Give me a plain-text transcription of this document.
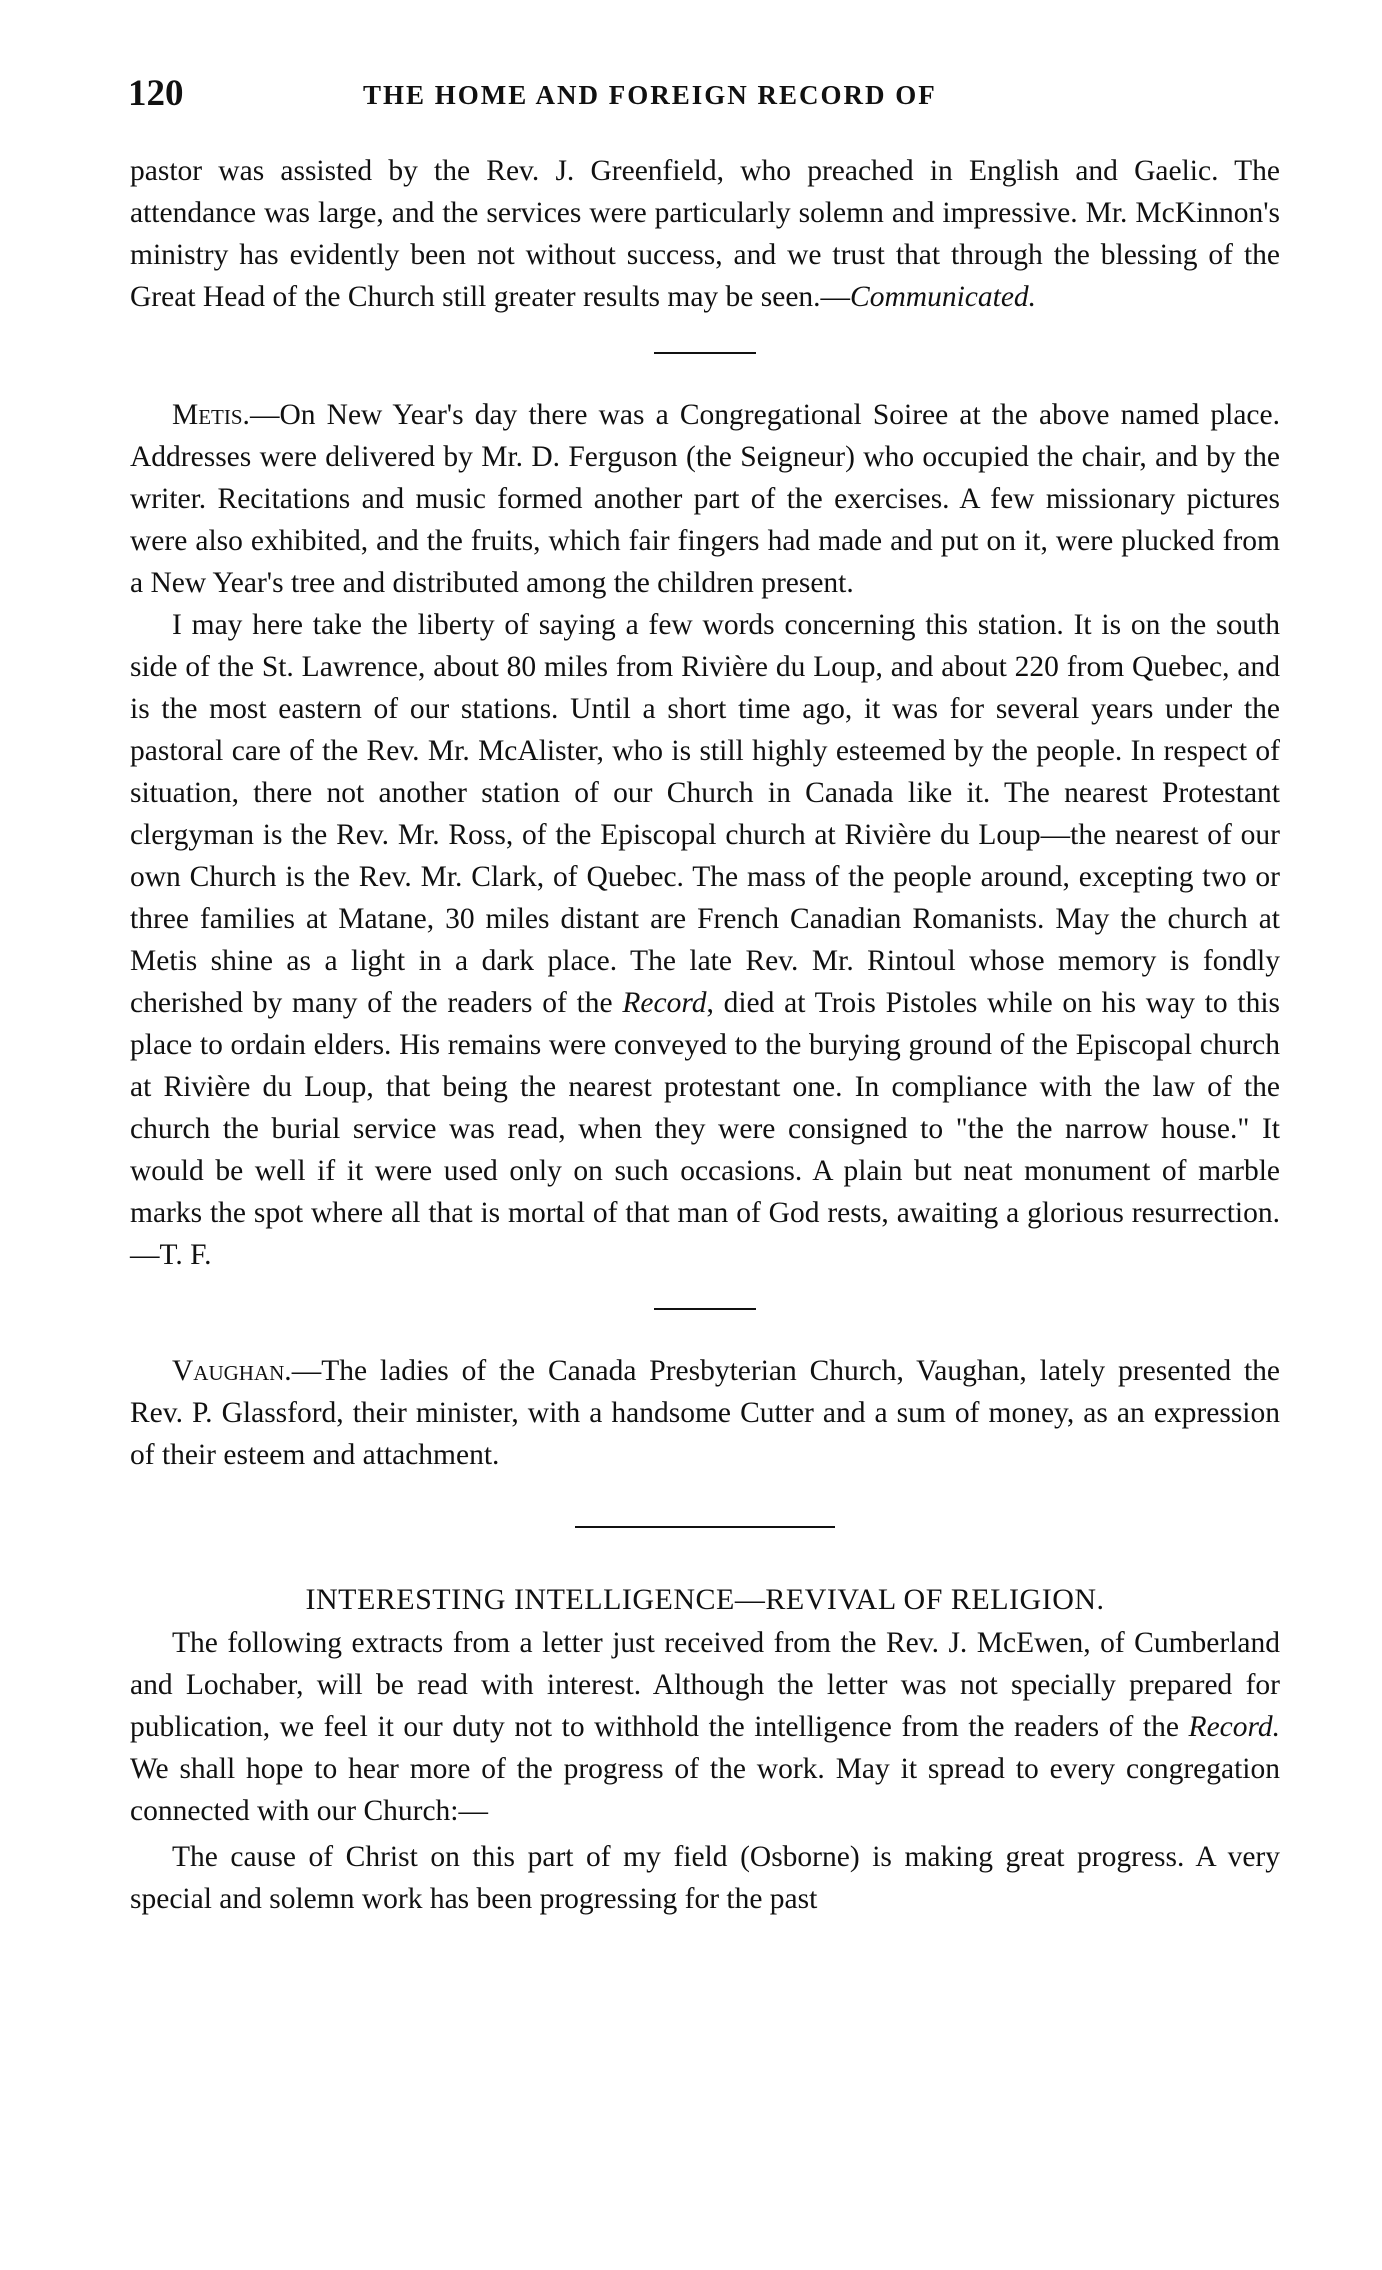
120	THE HOME AND FOREIGN RECORD OF

pastor was assisted by the Rev. J. Greenfield, who preached in English and Gaelic. The attendance was large, and the services were particularly solemn and impressive. Mr. McKinnon's ministry has evidently been not without success, and we trust that through the blessing of the Great Head of the Church still greater results may be seen.—Communicated.

Metis.—On New Year's day there was a Congregational Soiree at the above named place. Addresses were delivered by Mr. D. Ferguson (the Seigneur) who occupied the chair, and by the writer. Recitations and music formed another part of the exercises. A few missionary pictures were also exhibited, and the fruits, which fair fingers had made and put on it, were plucked from a New Year's tree and distributed among the children present.

I may here take the liberty of saying a few words concerning this station. It is on the south side of the St. Lawrence, about 80 miles from Rivière du Loup, and about 220 from Quebec, and is the most eastern of our stations. Until a short time ago, it was for several years under the pastoral care of the Rev. Mr. McAlister, who is still highly esteemed by the people. In respect of situation, there not another station of our Church in Canada like it. The nearest Protestant clergyman is the Rev. Mr. Ross, of the Episcopal church at Rivière du Loup—the nearest of our own Church is the Rev. Mr. Clark, of Quebec. The mass of the people around, excepting two or three families at Matane, 30 miles distant are French Canadian Romanists. May the church at Metis shine as a light in a dark place. The late Rev. Mr. Rintoul whose memory is fondly cherished by many of the readers of the Record, died at Trois Pistoles while on his way to this place to ordain elders. His remains were conveyed to the burying ground of the Episcopal church at Rivière du Loup, that being the nearest protestant one. In compliance with the law of the church the burial service was read, when they were consigned to "the the narrow house." It would be well if it were used only on such occasions. A plain but neat monument of marble marks the spot where all that is mortal of that man of God rests, awaiting a glorious resurrection.—T. F.

Vaughan.—The ladies of the Canada Presbyterian Church, Vaughan, lately presented the Rev. P. Glassford, their minister, with a handsome Cutter and a sum of money, as an expression of their esteem and attachment.

INTERESTING INTELLIGENCE—REVIVAL OF RELIGION.

The following extracts from a letter just received from the Rev. J. McEwen, of Cumberland and Lochaber, will be read with interest. Although the letter was not specially prepared for publication, we feel it our duty not to withhold the intelligence from the readers of the Record. We shall hope to hear more of the progress of the work. May it spread to every congregation connected with our Church:—

The cause of Christ on this part of my field (Osborne) is making great progress. A very special and solemn work has been progressing for the past
